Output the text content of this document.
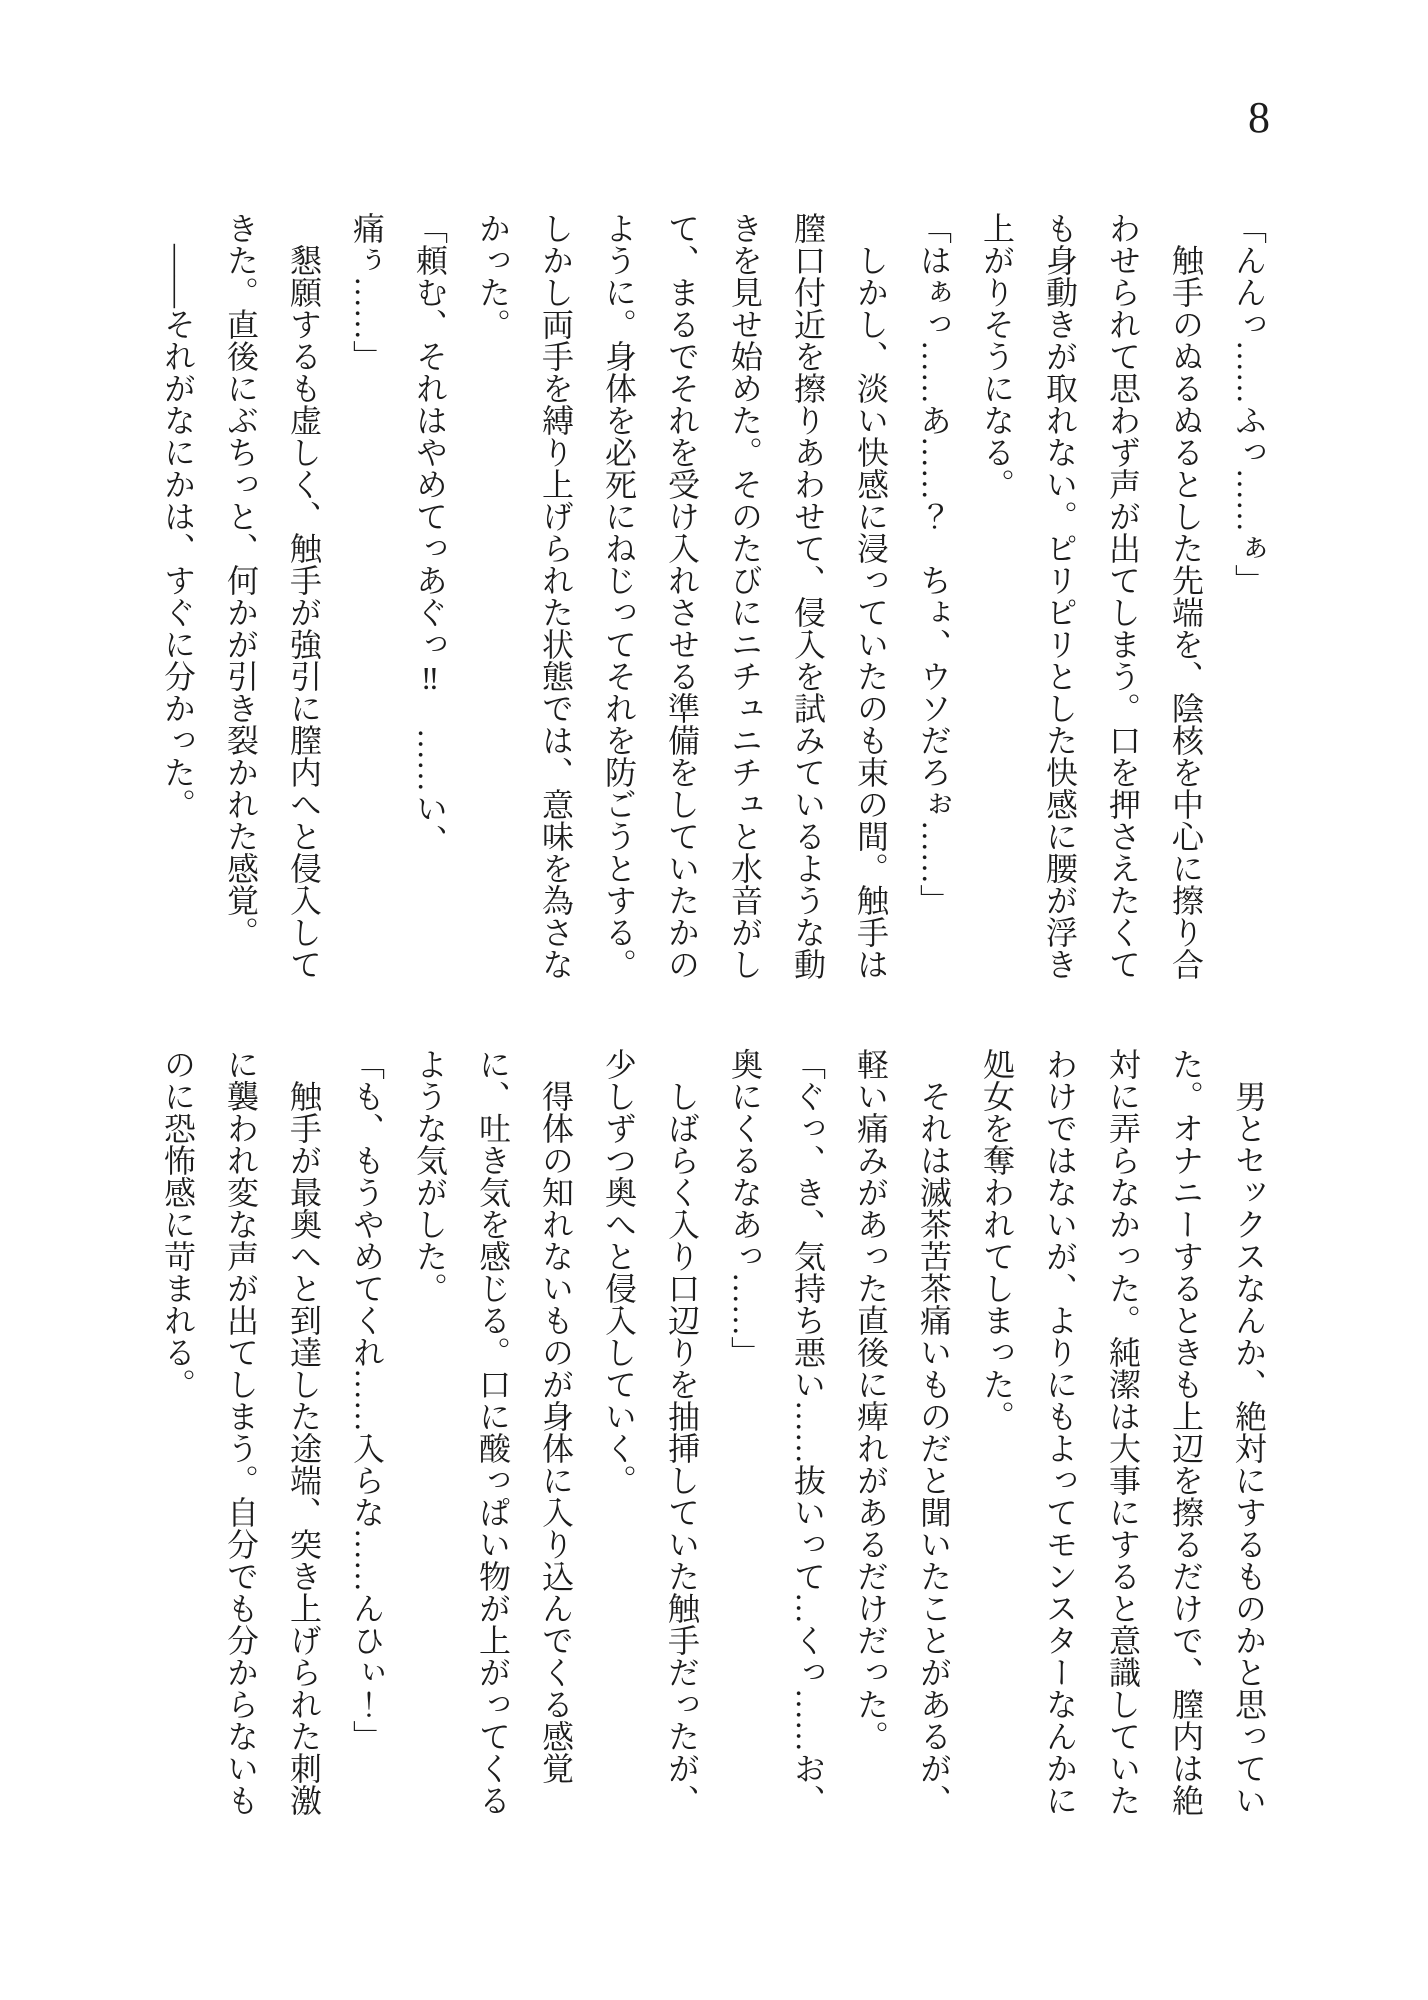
8

「んんっ……ふっ……ぁ」

触手のぬるぬるとした先端を、陰核を中心に擦り合わせられて思わず声が出てしまう。口を押さえたくても身動きが取れない。ピリピリとした快感に腰が浮き上がりそうになる。

「はぁっ……あ……？　ちょ、ウソだろぉ……」

しかし、淡い快感に浸っていたのも束の間。触手は膣口付近を擦りあわせて、侵入を試みているような動きを見せ始めた。そのたびにニチュニチュと水音がして、まるでそれを受け入れさせる準備をしていたかのように。身体を必死にねじってそれを防ごうとする。しかし両手を縛り上げられた状態では、意味を為さなかった。

「頼む、それはやめてっあぐっ‼　……い、痛ぅ……」

懇願するも虚しく、触手が強引に膣内へと侵入してきた。直後にぶちっと、何かが引き裂かれた感覚。

――それがなにかは、すぐに分かった。

男とセックスなんか、絶対にするものかと思っていた。オナニーするときも上辺を擦るだけで、膣内は絶対に弄らなかった。純潔は大事にすると意識していたわけではないが、よりにもよってモンスターなんかに処女を奪われてしまった。

それは滅茶苦茶痛いものだと聞いたことがあるが、軽い痛みがあった直後に痺れがあるだけだった。

「ぐっ、き、気持ち悪い……抜いって…くっ……お、奥にくるなあっ……」

しばらく入り口辺りを抽挿していた触手だったが、少しずつ奥へと侵入していく。

得体の知れないものが身体に入り込んでくる感覚に、吐き気を感じる。口に酸っぱい物が上がってくるような気がした。

「も、もうやめてくれ……入らな……んひぃ！」

触手が最奥へと到達した途端、突き上げられた刺激に襲われ変な声が出てしまう。自分でも分からないものに恐怖感に苛まれる。
